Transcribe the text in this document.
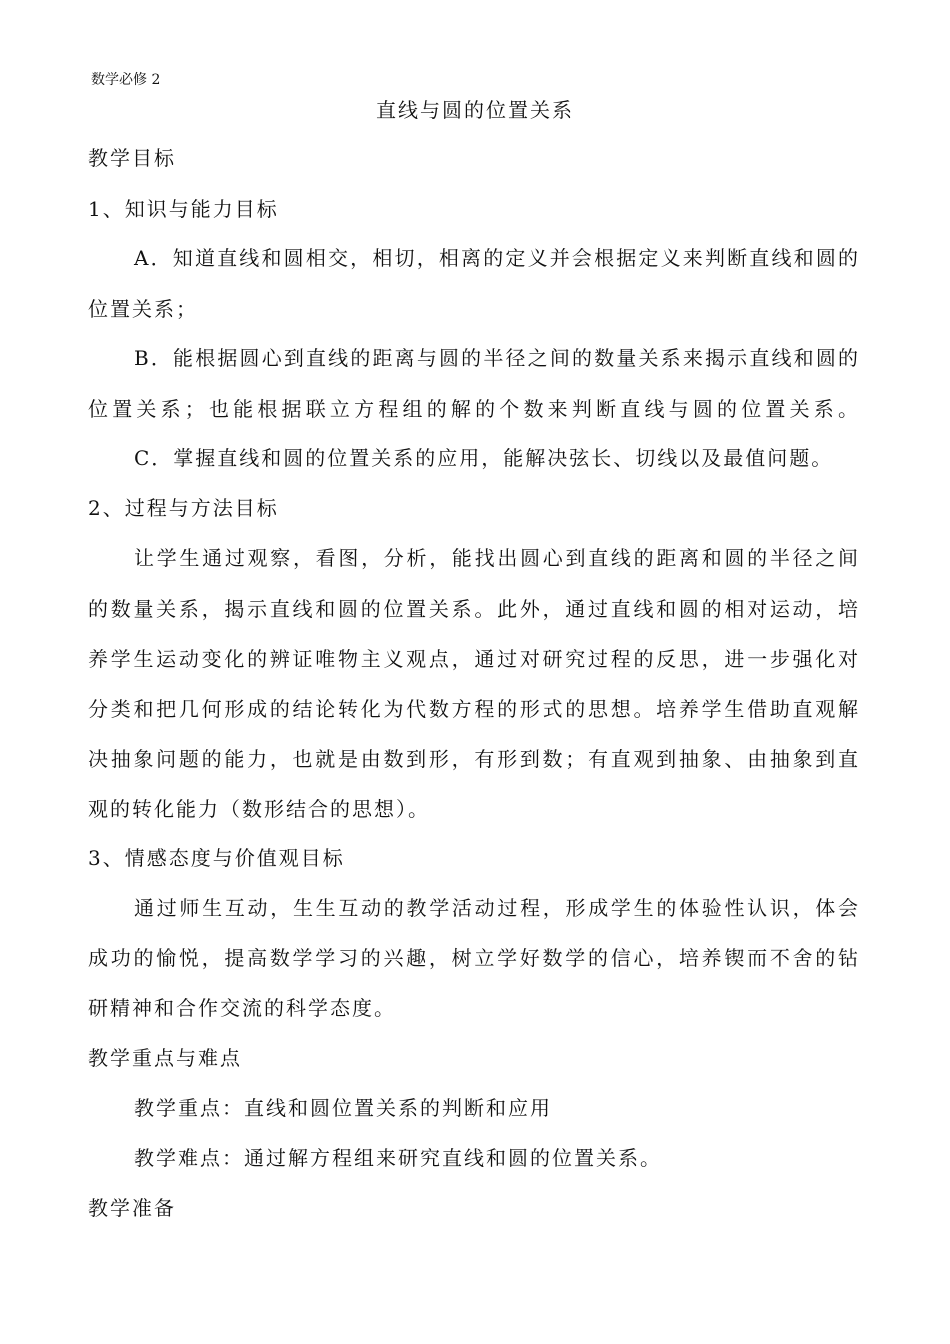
数学必修 2
直线与圆的位置关系
教学目标
1、知识与能力目标
A．知道直线和圆相交，相切，相离的定义并会根据定义来判断直线和圆的
位置关系；
B．能根据圆心到直线的距离与圆的半径之间的数量关系来揭示直线和圆的
位置关系；也能根据联立方程组的解的个数来判断直线与圆的位置关系。
C．掌握直线和圆的位置关系的应用，能解决弦长、切线以及最值问题。
2、过程与方法目标
让学生通过观察，看图，分析，能找出圆心到直线的距离和圆的半径之间
的数量关系，揭示直线和圆的位置关系。此外，通过直线和圆的相对运动，培
养学生运动变化的辨证唯物主义观点，通过对研究过程的反思，进一步强化对
分类和把几何形成的结论转化为代数方程的形式的思想。培养学生借助直观解
决抽象问题的能力，也就是由数到形，有形到数；有直观到抽象、由抽象到直
观的转化能力（数形结合的思想）。
3、情感态度与价值观目标
通过师生互动，生生互动的教学活动过程，形成学生的体验性认识，体会
成功的愉悦，提高数学学习的兴趣，树立学好数学的信心，培养锲而不舍的钻
研精神和合作交流的科学态度。
教学重点与难点
教学重点：直线和圆位置关系的判断和应用
教学难点：通过解方程组来研究直线和圆的位置关系。
教学准备
